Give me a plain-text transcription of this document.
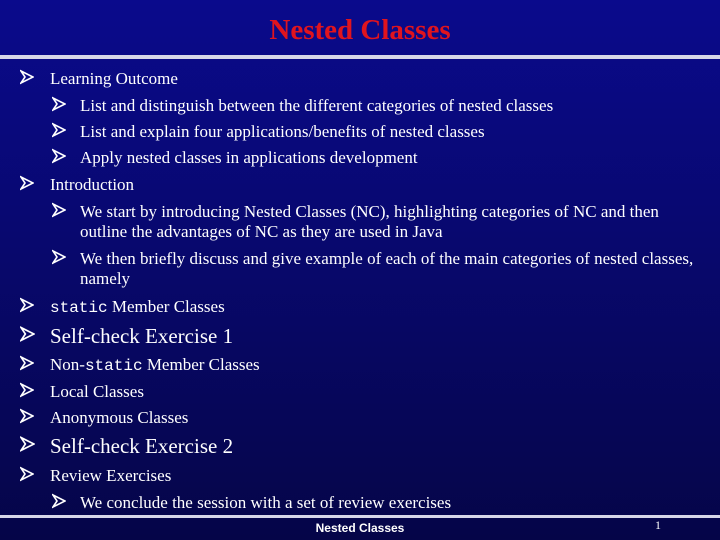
Nested Classes
Learning Outcome
List and distinguish between the different categories of nested classes
List and explain four applications/benefits of nested classes
Apply nested classes in applications development
Introduction
We start by introducing Nested Classes (NC), highlighting categories of NC and then outline the advantages of NC as they are used in Java
We then briefly discuss and give example of each of the main categories of nested classes, namely
static Member Classes
Self-check Exercise 1
Non-static Member Classes
Local Classes
Anonymous Classes
Self-check Exercise 2
Review Exercises
We conclude the session with a set of review exercises
Nested Classes	1
